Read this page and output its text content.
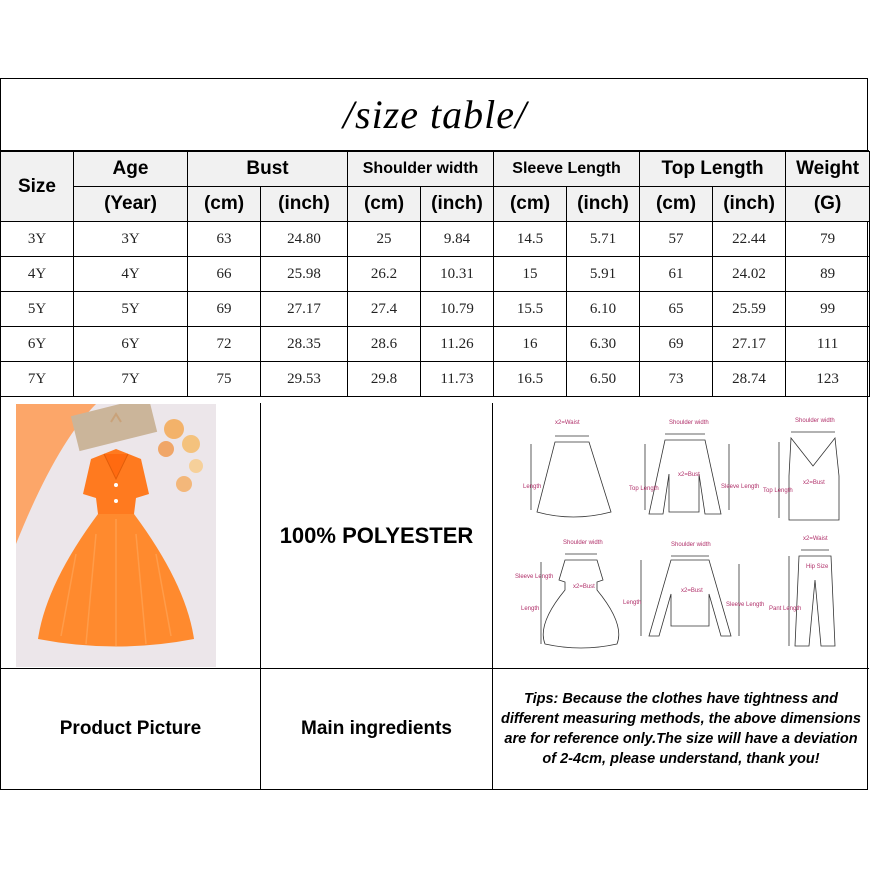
/size table/
Size	Age	Bust		Shoulder width		Sleeve Length		Top Length		Weight
	(Year)	(cm)	(inch)	(cm)	(inch)	(cm)	(inch)	(cm)	(inch)	(G)
3Y	3Y	63	24.80	25	9.84	14.5	5.71	57	22.44	79
4Y	4Y	66	25.98	26.2	10.31	15	5.91	61	24.02	89
5Y	5Y	69	27.17	27.4	10.79	15.5	6.10	65	25.59	99
6Y	6Y	72	28.35	28.6	11.26	16	6.30	69	27.17	111
7Y	7Y	75	29.53	29.8	11.73	16.5	6.50	73	28.74	123
100% POLYESTER
x2=Waist
Length
Shoulder width
x2=Bust
Top Length	Sleeve Length
Shoulder width
x2=Bust
Top Length
Shoulder width
x2=Bust
Sleeve Length
Length
Shoulder width
x2=Bust
Length	Sleeve Length
x2=Waist
Hip Size
Pant Length
Product Picture	Main ingredients
Tips: Because the clothes have tightness and different measuring methods, the above dimensions are for reference only.The size will have a deviation of 2-4cm, please understand, thank you!
